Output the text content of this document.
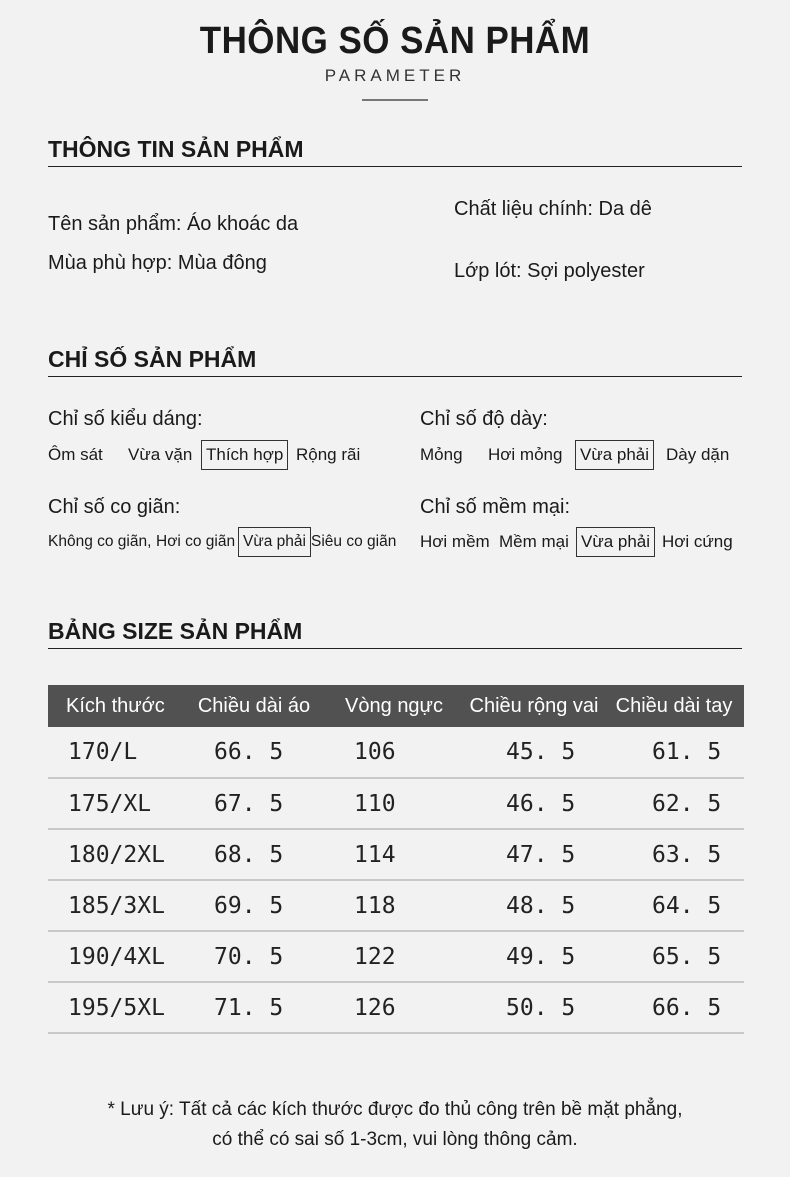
THÔNG SỐ SẢN PHẨM
PARAMETER
THÔNG TIN SẢN PHẨM
Tên sản phẩm: Áo khoác da
Mùa phù hợp: Mùa đông
Chất liệu chính: Da dê
Lớp lót: Sợi polyester
CHỈ SỐ SẢN PHẨM
Chỉ số kiểu dáng:
Ôm sát Vừa vặn Thích hợp Rộng rãi
Chỉ số độ dày:
Mỏng Hơi mỏng Vừa phải Dày dặn
Chỉ số co giãn:
Không co giãn, Hơi co giãn Vừa phải Siêu co giãn
Chỉ số mềm mại:
Hơi mềm Mềm mại Vừa phải Hơi cứng
BẢNG SIZE SẢN PHẨM
Kích thước	Chiều dài áo	Vòng ngực	Chiều rộng vai	Chiều dài tay
170/L	66. 5	106	45. 5	61. 5
175/XL	67. 5	110	46. 5	62. 5
180/2XL	68. 5	114	47. 5	63. 5
185/3XL	69. 5	118	48. 5	64. 5
190/4XL	70. 5	122	49. 5	65. 5
195/5XL	71. 5	126	50. 5	66. 5
* Lưu ý: Tất cả các kích thước được đo thủ công trên bề mặt phẳng,
có thể có sai số 1-3cm, vui lòng thông cảm.
